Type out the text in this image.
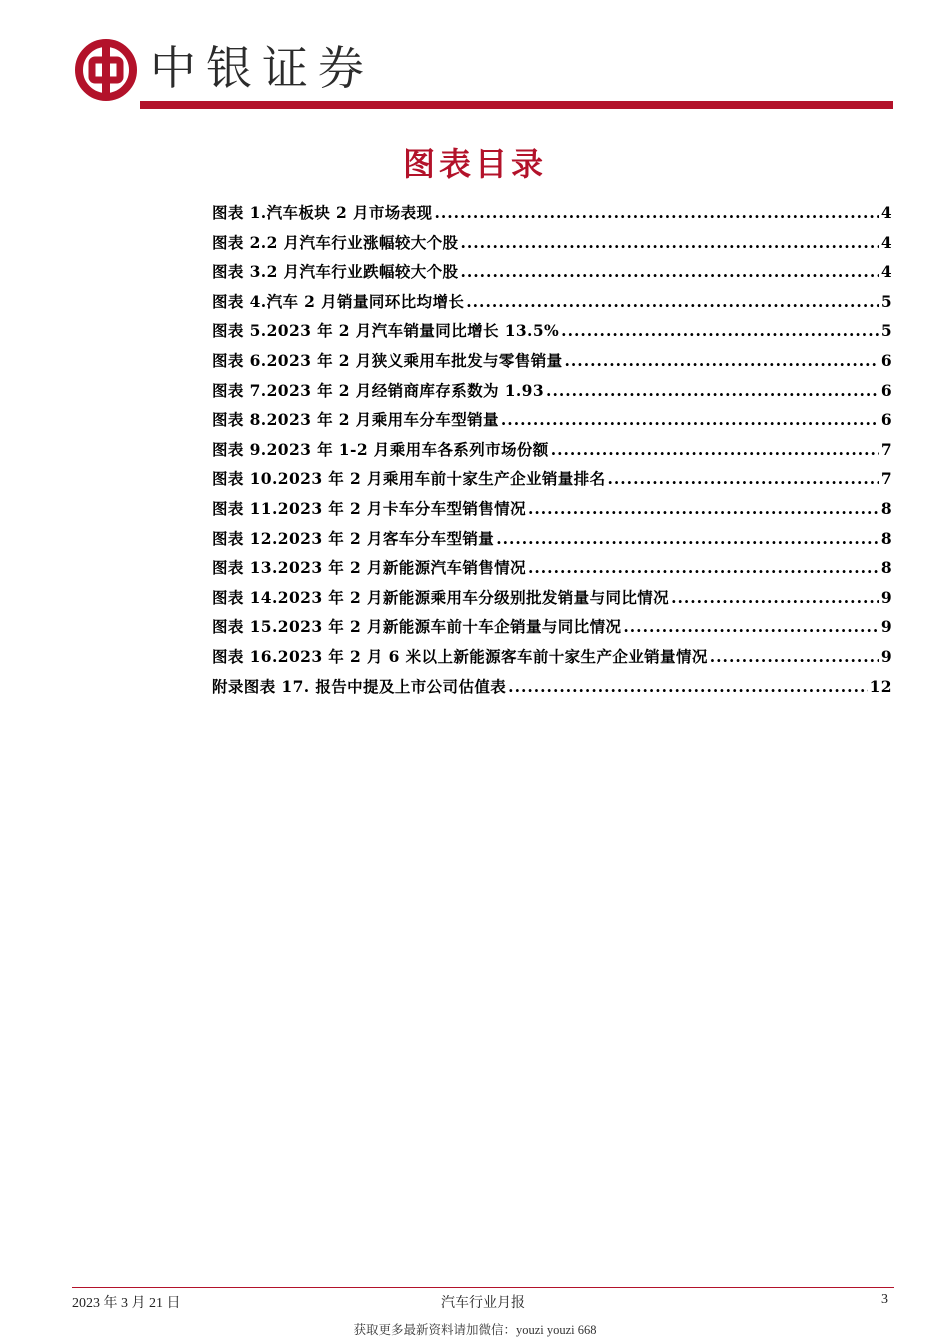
中银证券
图表目录
图表 1.汽车板块 2 月市场表现 .....	4
图表 2.2 月汽车行业涨幅较大个股 .....	4
图表 3.2 月汽车行业跌幅较大个股 .....	4
图表 4.汽车 2 月销量同环比均增长 .....	5
图表 5.2023 年 2 月汽车销量同比增长 13.5% .....	5
图表 6.2023 年 2 月狭义乘用车批发与零售销量 .....	6
图表 7.2023 年 2 月经销商库存系数为 1.93 .....	6
图表 8.2023 年 2 月乘用车分车型销量 .....	6
图表 9.2023 年 1-2 月乘用车各系列市场份额 .....	7
图表 10.2023 年 2 月乘用车前十家生产企业销量排名 .....	7
图表 11.2023 年 2 月卡车分车型销售情况 .....	8
图表 12.2023 年 2 月客车分车型销量 .....	8
图表 13.2023 年 2 月新能源汽车销售情况 .....	8
图表 14.2023 年 2 月新能源乘用车分级别批发销量与同比情况 .....	9
图表 15.2023 年 2 月新能源车前十车企销量与同比情况 .....	9
图表 16.2023 年 2 月 6 米以上新能源客车前十家生产企业销量情况 .....	9
附录图表 17. 报告中提及上市公司估值表 .....	12
2023 年 3 月 21 日	汽车行业月报	3
获取更多最新资料请加微信：youzi youzi 668
